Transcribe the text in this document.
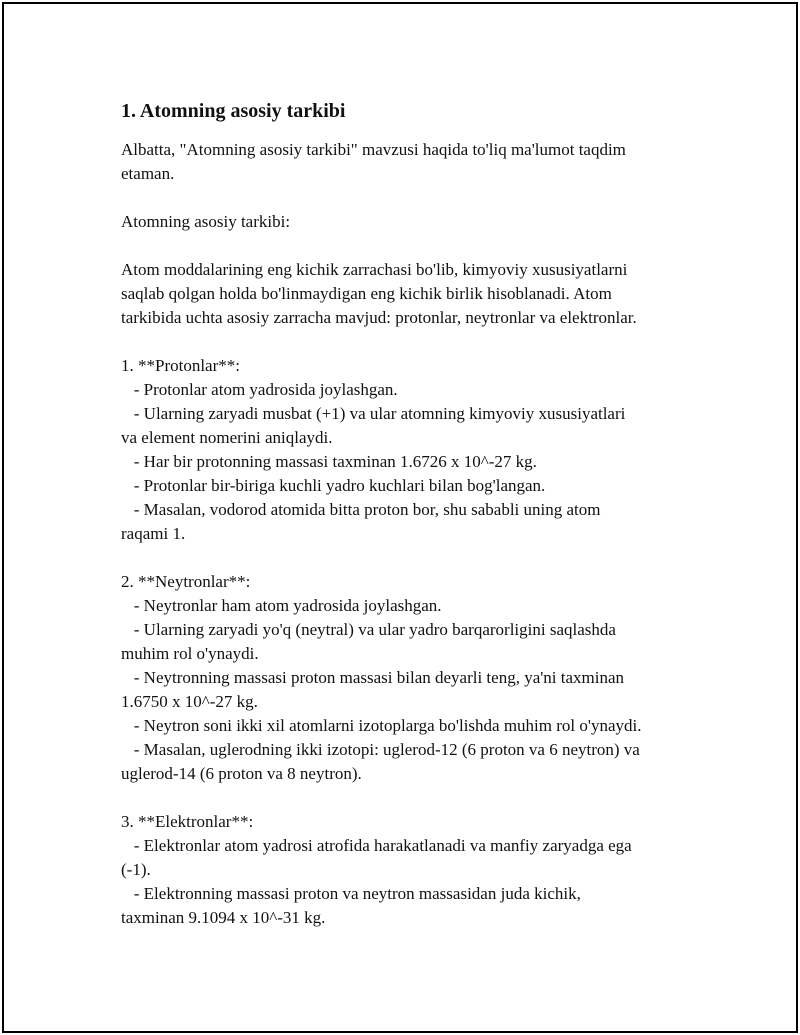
1. Atomning asosiy tarkibi

Albatta, "Atomning asosiy tarkibi" mavzusi haqida to'liq ma'lumot taqdim
etaman.

Atomning asosiy tarkibi:

Atom moddalarining eng kichik zarrachasi bo'lib, kimyoviy xususiyatlarni
saqlab qolgan holda bo'linmaydigan eng kichik birlik hisoblanadi. Atom
tarkibida uchta asosiy zarracha mavjud: protonlar, neytronlar va elektronlar.

1. **Protonlar**:

- Protonlar atom yadrosida joylashgan.

- Ularning zaryadi musbat (+1) va ular atomning kimyoviy xususiyatlari
va element nomerini aniqlaydi.

- Har bir protonning massasi taxminan 1.6726 x 10^-27 kg.

- Protonlar bir-biriga kuchli yadro kuchlari bilan bog'langan.

- Masalan, vodorod atomida bitta proton bor, shu sababli uning atom
raqami 1.

2. **Neytronlar**:

- Neytronlar ham atom yadrosida joylashgan.

- Ularning zaryadi yo'q (neytral) va ular yadro barqarorligini saqlashda
muhim rol o'ynaydi.

- Neytronning massasi proton massasi bilan deyarli teng, ya'ni taxminan
1.6750 x 10^-27 kg.

- Neytron soni ikki xil atomlarni izotoplarga bo'lishda muhim rol o'ynaydi.

- Masalan, uglerodning ikki izotopi: uglerod-12 (6 proton va 6 neytron) va
uglerod-14 (6 proton va 8 neytron).

3. **Elektronlar**:

- Elektronlar atom yadrosi atrofida harakatlanadi va manfiy zaryadga ega
(-1).

- Elektronning massasi proton va neytron massasidan juda kichik,
taxminan 9.1094 x 10^-31 kg.
